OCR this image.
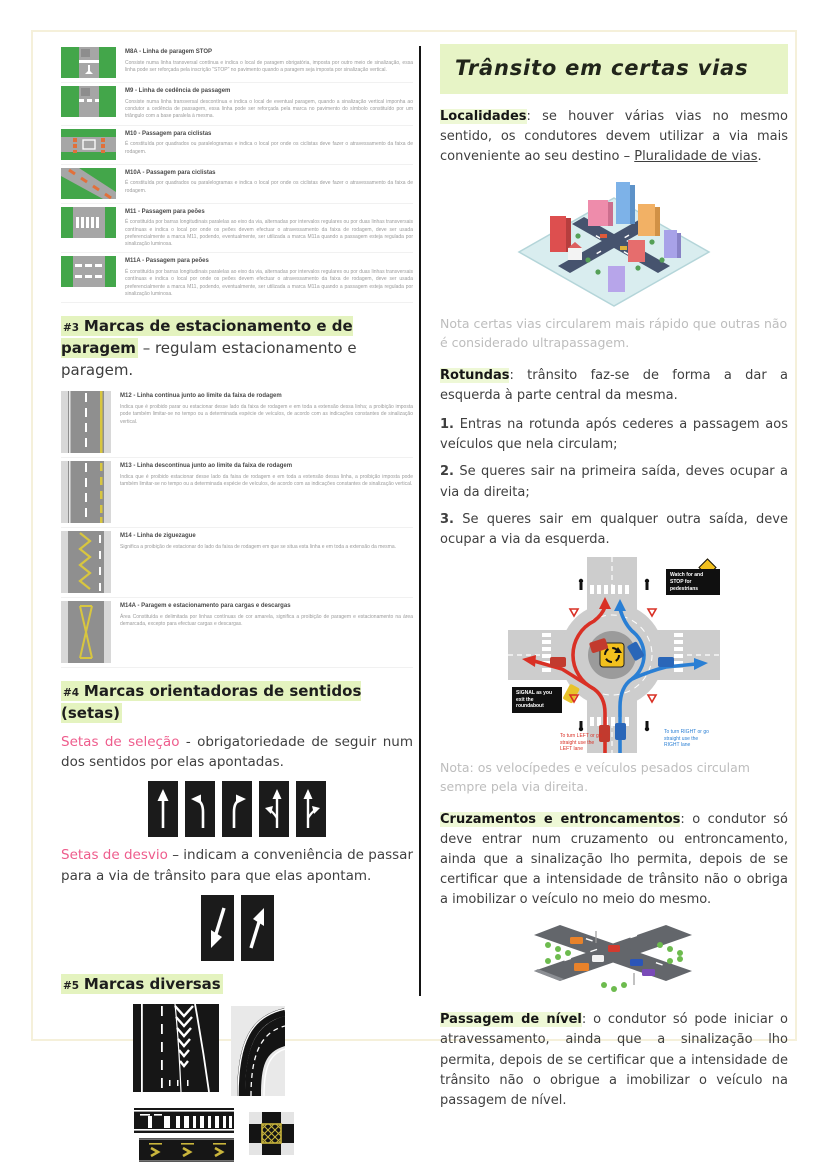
M8A - Linha de paragem STOP
Consiste numa linha transversal contínua e indica o local de paragem obrigatória, imposta por outro meio de sinalização, essa linha pode ser reforçada pela inscrição "STOP" no pavimento quando a paragem seja imposta por sinalização vertical.
M9 - Linha de cedência de passagem
Consiste numa linha transversal descontínua e indica o local de eventual paragem, quando a sinalização vertical imponha ao condutor a cedência de passagem, essa linha pode ser reforçada pela marca no pavimento do símbolo constituído por um triângulo com a base paralela à mesma.
M10 - Passagem para ciclistas
É constituída por quadrados ou paralelogramas e indica o local por onde os ciclistas deve fazer o atravessamento da faixa de rodagem.
M10A - Passagem para ciclistas
É constituída por quadrados ou paralelogramas e indica o local por onde os ciclistas deve fazer o atravessamento da faixa de rodagem.
M11 - Passagem para peões
É constituída por barras longitudinais paralelas ao eixo da via, alternadas por intervalos regulares ou por duas linhas transversais contínuas e indica o local por onde os peões devem efectuar o atravessamento da faixa de rodagem, deve ser usada preferencialmente a marca M11, podendo, eventualmente, ser utilizada a marca M11a quando a passagem esteja regulada por sinalização luminosa.
M11A - Passagem para peões
É constituída por barras longitudinais paralelas ao eixo da via, alternadas por intervalos regulares ou por duas linhas transversais contínuas e indica o local por onde os peões devem efectuar o atravessamento da faixa de rodagem, deve ser usada preferencialmente a marca M11, podendo, eventualmente, ser utilizada a marca M11a quando a passagem esteja regulada por sinalização luminosa.
#3 Marcas de estacionamento e de paragem – regulam estacionamento e paragem.
M12 - Linha contínua junto ao limite da faixa de rodagem
Indica que é proibido parar ou estacionar desse lado da faixa de rodagem e em toda a extensão dessa linha; a proibição imposta pode também limitar-se no tempo ou a determinada espécie de veículos, de acordo com as indicações constantes de sinalização vertical.
M13 - Linha descontínua junto ao limite da faixa de rodagem
Indica que é proibido estacionar desse lado da faixa de rodagem e em toda a extensão dessa linha, a proibição imposta pode também limitar-se no tempo ou a determinada espécie de veículos, de acordo com as indicações constantes de sinalização vertical.
M14 - Linha de ziguezague
Significa a proibição de estacionar do lado da faixa de rodagem em que se situa esta linha e em toda a extensão da mesma.
M14A - Paragem e estacionamento para cargas e descargas
Área Constituída e delimitada por linhas contínuas de cor amarela, significa a proibição de paragem e estacionamento na área demarcada, excepto para efectuar cargas e descargas.
#4 Marcas orientadoras de sentidos (setas)

Setas de seleção - obrigatoriedade de seguir num dos sentidos por elas apontadas.

Setas de desvio – indicam a conveniência de passar para a via de trânsito para que elas apontam.

#5 Marcas diversas
Trânsito em certas vias

Localidades: se houver várias vias no mesmo sentido, os condutores devem utilizar a via mais conveniente ao seu destino – Pluralidade de vias.

Nota certas vias circularem mais rápido que outras não é considerado ultrapassagem.

Rotundas: trânsito faz-se de forma a dar a esquerda à parte central da mesma.

1. Entras na rotunda após cederes a passagem aos veículos que nela circulam;

2. Se queres sair na primeira saída, deves ocupar a via da direita;

3. Se queres sair em qualquer outra saída, deve ocupar a via da esquerda.

Watch for and STOP for pedestrians
SIGNAL as you exit the roundabout
To turn LEFT or go straight use the LEFT lane
To turn RIGHT or go straight use the RIGHT lane

Nota: os velocípedes e veículos pesados circulam sempre pela via direita.

Cruzamentos e entroncamentos: o condutor só deve entrar num cruzamento ou entroncamento, ainda que a sinalização lho permita, depois de se certificar que a intensidade de trânsito não o obriga a imobilizar o veículo no meio do mesmo.

Passagem de nível: o condutor só pode iniciar o atravessamento, ainda que a sinalização lho permita, depois de se certificar que a intensidade de trânsito não o obrigue a imobilizar o veículo na passagem de nível.
